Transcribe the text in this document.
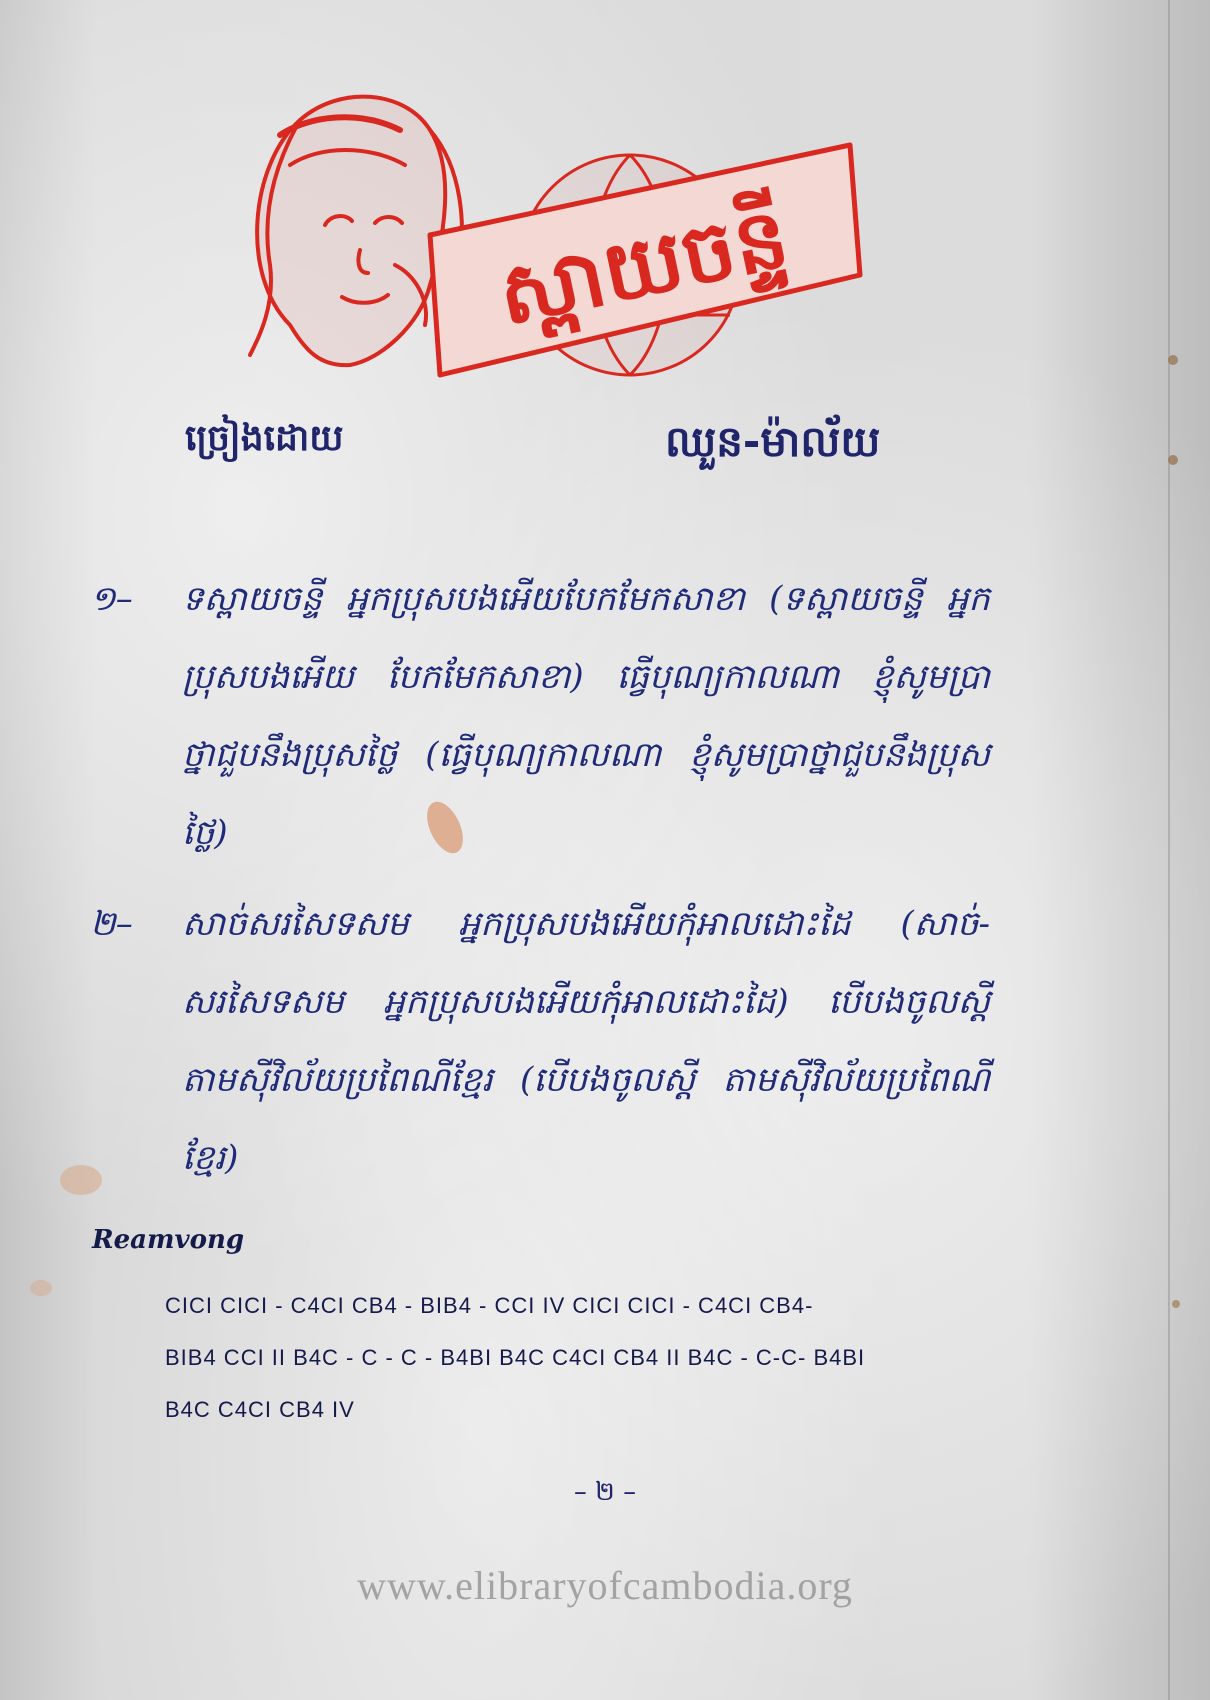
ស្ពាយចន្ទី
ច្រៀងដោយ	ឈួន-ម៉ាល័យ
១–	ទស្ពាយចន្ទី អ្នកប្រុសបងអើយបែកមែកសាខា (ទស្ពាយចន្ទី អ្នកប្រុសបងអើយ បែកមែកសាខា) ធ្វើបុណ្យកាលណា ខ្ញុំសូមប្រាថ្នាជួបនឹងប្រុសថ្លៃ (ធ្វើបុណ្យកាលណា ខ្ញុំសូមប្រាថ្នាជួបនឹងប្រុសថ្លៃ)
២–	សាច់សរសៃទសម អ្នកប្រុសបងអើយកុំអាលដោះដៃ (សាច់-សរសៃទសម អ្នកប្រុសបងអើយកុំអាលដោះដៃ) បើបងចូលស្ដី តាមស៊ីវិល័យប្រពៃណីខ្មែរ (បើបងចូលស្ដី តាមស៊ីវិល័យប្រពៃណីខ្មែរ)
Reamvong
CICI CICI - C4CI CB4 - BIB4 - CCI IV CICI CICI - C4CI CB4-
BIB4 CCI II B4C - C - C - B4BI B4C C4CI CB4 II B4C - C-C- B4BI
B4C C4CI CB4 IV
– ២ –
www.elibraryofcambodia.org
